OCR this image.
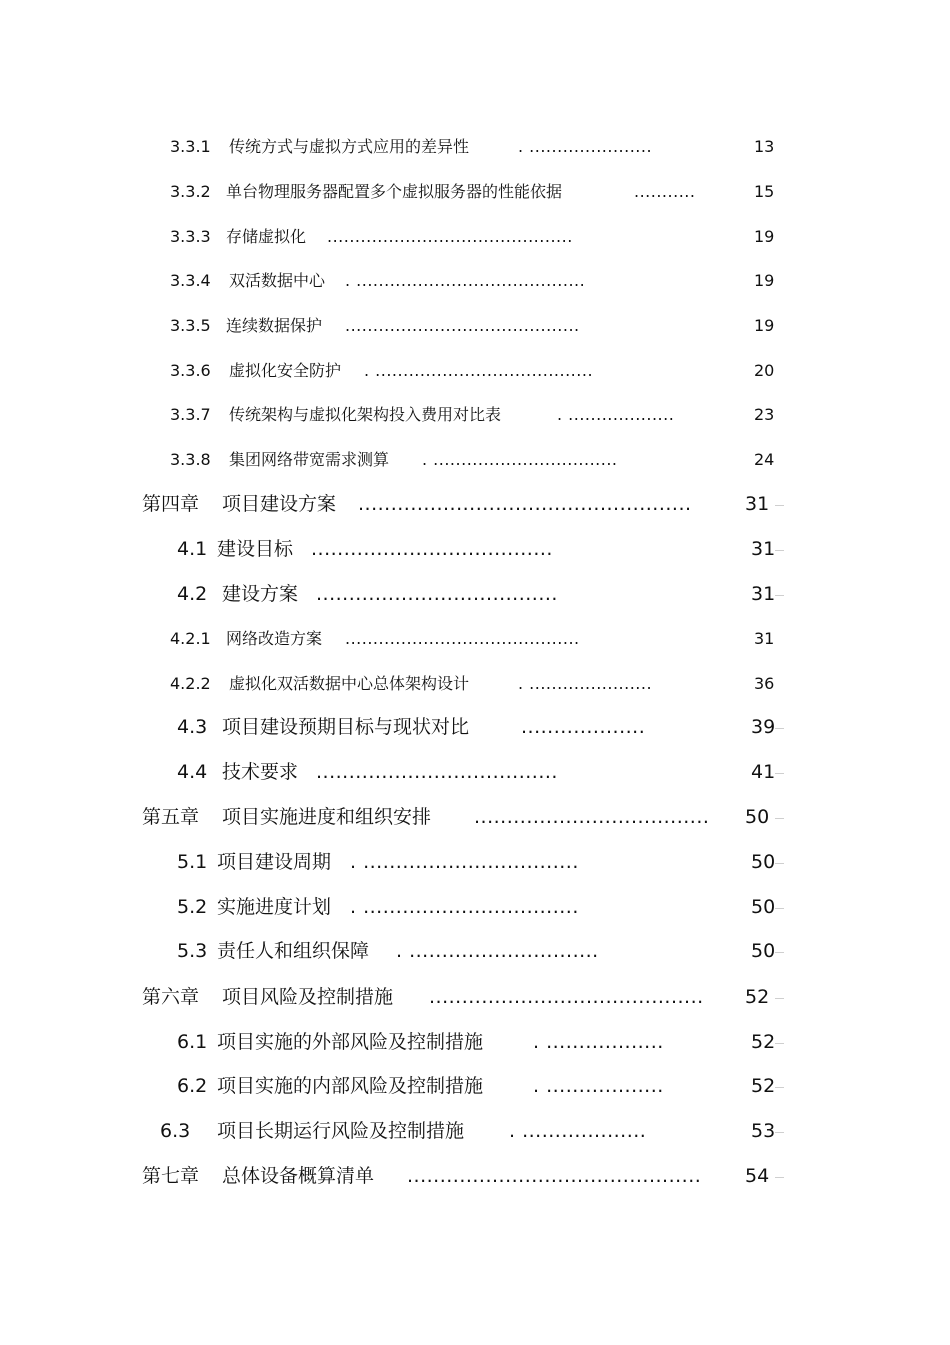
3.3.1 传统方式与虚拟方式应用的差异性	. ......................	13
3.3.2 单台物理服务器配置多个虚拟服务器的性能依据	...........	15
3.3.3 存储虚拟化 ............................................	19
3.3.4 双活数据中心 . .........................................	19
3.3.5 连续数据保护 ..........................................	19
3.3.6 虚拟化安全防护 . .......................................	20
3.3.7 传统架构与虚拟化架构投入费用对比表	. ...................	23
3.3.8 集团网络带宽需求测算 . .................................	24
第四章 项目建设方案 ...................................................	31
4.1 建设目标 .....................................	31
4.2 建设方案 .....................................	31
4.2.1 网络改造方案 ..........................................	31
4.2.2 虚拟化双活数据中心总体架构设计	. ......................	36
4.3 项目建设预期目标与现状对比	...................	39
4.4 技术要求 .....................................	41
第五章 项目实施进度和组织安排 .................................... 50
5.1 项目建设周期 . .................................	50
5.2 实施进度计划 . .................................	50
5.3 责任人和组织保障 . .............................	50
第六章 项目风险及控制措施 .......................................... 52
6.1 项目实施的外部风险及控制措施	. ..................	52
6.2 项目实施的内部风险及控制措施	. ..................	52
6.3 项目长期运行风险及控制措施 . ...................	53
第七章 总体设备概算清单 ............................................. 54
